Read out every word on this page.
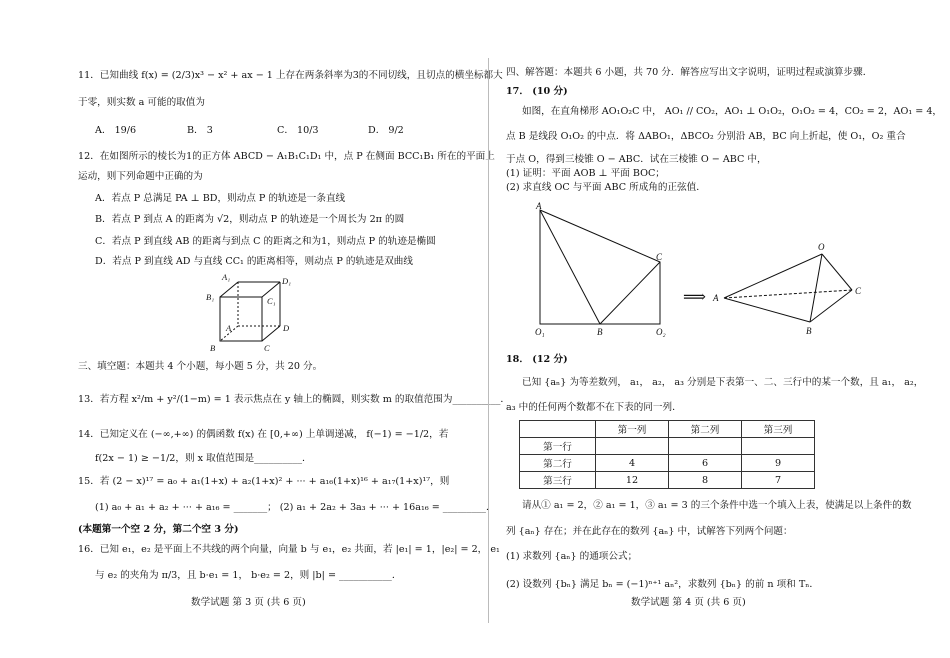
11．已知曲线 f(x) = (2/3)x³ − x² + ax − 1 上存在两条斜率为3的不同切线，且切点的横坐标都大
于零，则实数 a 可能的取值为
A． 19/6	B． 3	C． 10/3	D． 9/2
12．在如图所示的棱长为1的正方体 ABCD − A₁B₁C₁D₁ 中，点 P 在侧面 BCC₁B₁ 所在的平面上
运动，则下列命题中正确的为
A．若点 P 总满足 PA ⊥ BD，则动点 P 的轨迹是一条直线
B．若点 P 到点 A 的距离为 √2，则动点 P 的轨迹是一个周长为 2π 的圆
C．若点 P 到直线 AB 的距离与到点 C 的距离之和为1，则动点 P 的轨迹是椭圆
D．若点 P 到直线 AD 与直线 CC₁ 的距离相等，则动点 P 的轨迹是双曲线
A₁	D₁
B₁	C₁
A	D
B	C
三、填空题：本题共 4 个小题，每小题 5 分，共 20 分。
13．若方程 x²/m + y²/(1−m) = 1 表示焦点在 y 轴上的椭圆，则实数 m 的取值范围为__________．
14．已知定义在 (−∞,+∞) 的偶函数 f(x) 在 [0,+∞) 上单调递减， f(−1) = −1/2，若
f(2x − 1) ≥ −1/2，则 x 取值范围是__________．
15．若 (2 − x)¹⁷ = a₀ + a₁(1+x) + a₂(1+x)² + ··· + a₁₆(1+x)¹⁶ + a₁₇(1+x)¹⁷，则
(1) a₀ + a₁ + a₂ + ··· + a₁₆ = _______； (2) a₁ + 2a₂ + 3a₃ + ··· + 16a₁₆ = _________．
(本题第一个空 2 分，第二个空 3 分)
16．已知 e₁，e₂ 是平面上不共线的两个向量，向量 b 与 e₁，e₂ 共面，若 |e₁| = 1，|e₂| = 2， e₁
与 e₂ 的夹角为 π/3，且 b·e₁ = 1， b·e₂ = 2，则 |b| = ___________．
数学试题 第 3 页 (共 6 页)
四、解答题：本题共 6 小题，共 70 分．解答应写出文字说明，证明过程或演算步骤．
17． (10 分)
如图，在直角梯形 AO₁O₂C 中， AO₁ // CO₂，AO₁ ⊥ O₁O₂，O₁O₂ = 4，CO₂ = 2，AO₁ = 4，
点 B 是线段 O₁O₂ 的中点．将 ΔABO₁，ΔBCO₂ 分别沿 AB，BC 向上折起，使 O₁，O₂ 重合
于点 O，得到三棱锥 O − ABC．试在三棱锥 O − ABC 中，
(1) 证明：平面 AOB ⊥ 平面 BOC；
(2) 求直线 OC 与平面 ABC 所成角的正弦值．
A
C
O₁	B	O₂
⟹
O
A
C
B
18． (12 分)
已知 {aₙ} 为等差数列， a₁， a₂， a₃ 分别是下表第一、二、三行中的某一个数，且 a₁， a₂，
a₃ 中的任何两个数都不在下表的同一列．
	第一列	第二列	第三列
第一行			
第二行	4	6	9
第三行	12	8	7
请从① a₁ = 2，② a₁ = 1，③ a₁ = 3 的三个条件中选一个填入上表，使满足以上条件的数
列 {aₙ} 存在；并在此存在的数列 {aₙ} 中，试解答下列两个问题：
(1) 求数列 {aₙ} 的通项公式；
(2) 设数列 {bₙ} 满足 bₙ = (−1)ⁿ⁺¹ aₙ²，求数列 {bₙ} 的前 n 项和 Tₙ．
数学试题 第 4 页 (共 6 页)
